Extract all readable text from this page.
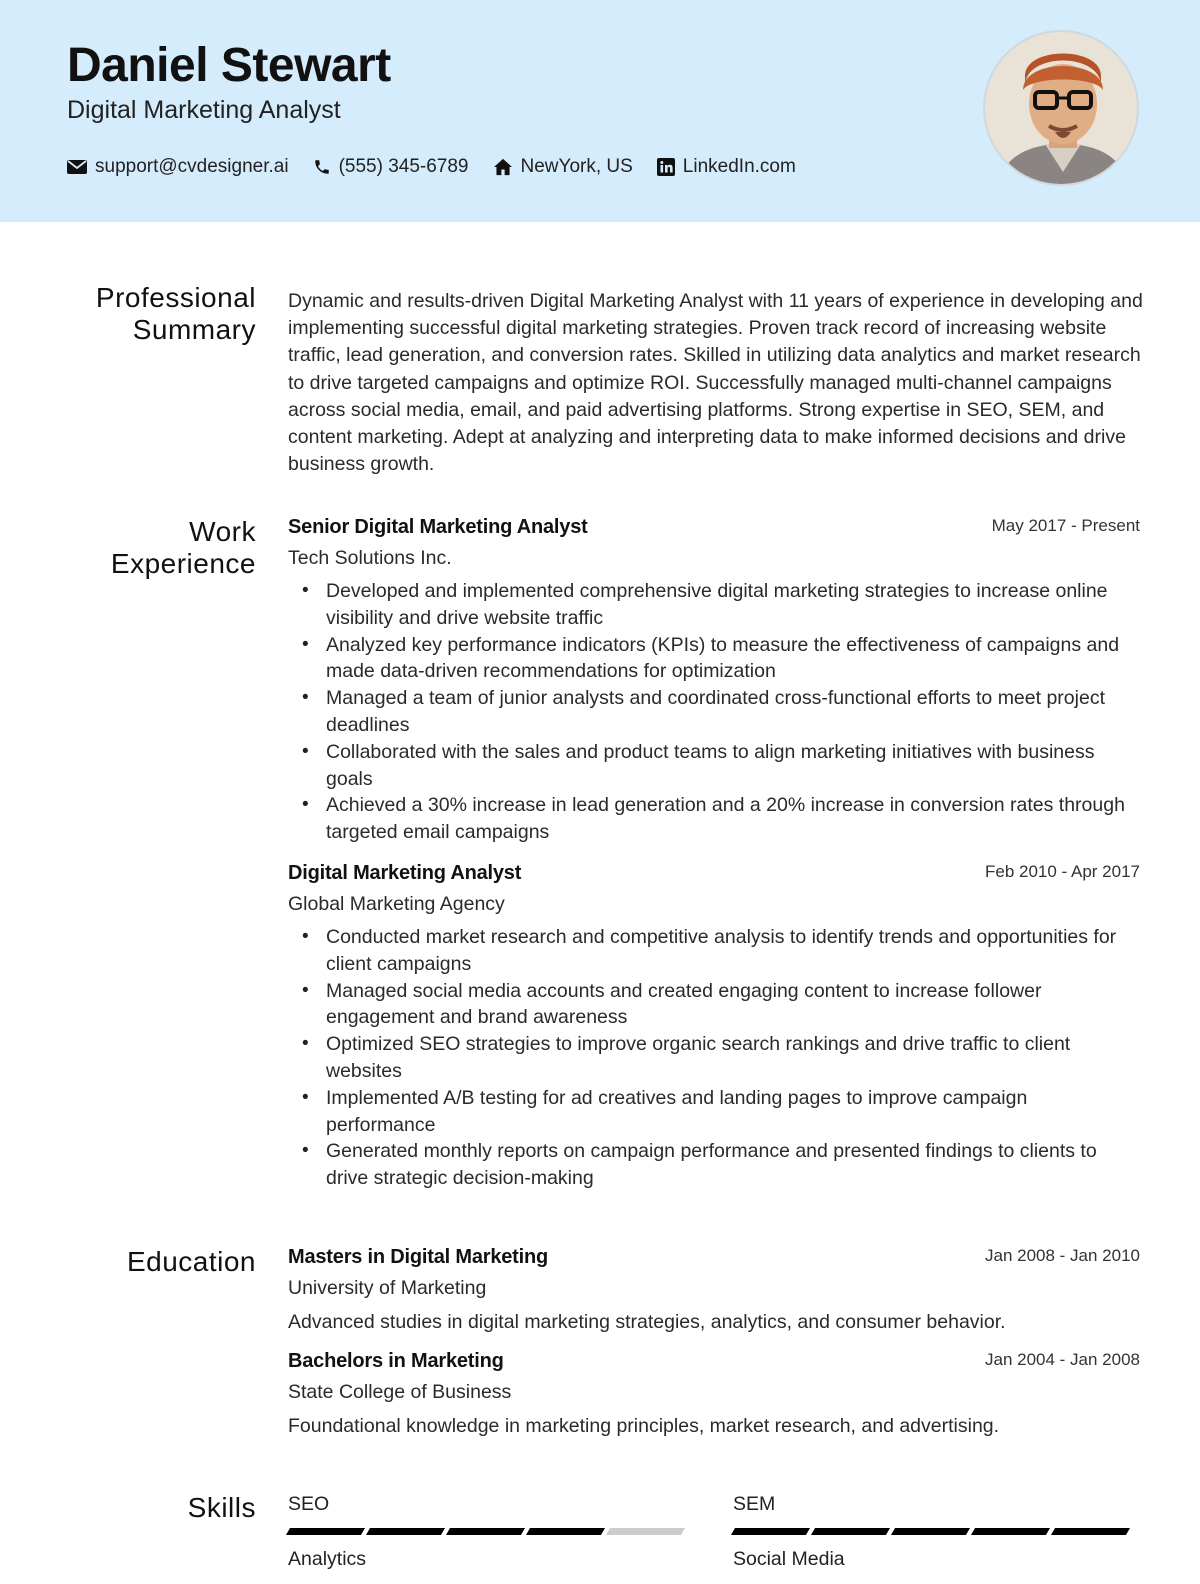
Daniel Stewart
Digital Marketing Analyst
support@cvdesigner.ai	(555) 345-6789	NewYork, US	LinkedIn.com
Professional
Summary
Dynamic and results-driven Digital Marketing Analyst with 11 years of experience in developing and implementing successful digital marketing strategies. Proven track record of increasing website traffic, lead generation, and conversion rates. Skilled in utilizing data analytics and market research to drive targeted campaigns and optimize ROI. Successfully managed multi-channel campaigns across social media, email, and paid advertising platforms. Strong expertise in SEO, SEM, and content marketing. Adept at analyzing and interpreting data to make informed decisions and drive business growth.
Work
Experience
Senior Digital Marketing Analyst	May 2017 - Present
Tech Solutions Inc.
• Developed and implemented comprehensive digital marketing strategies to increase online visibility and drive website traffic
• Analyzed key performance indicators (KPIs) to measure the effectiveness of campaigns and made data-driven recommendations for optimization
• Managed a team of junior analysts and coordinated cross-functional efforts to meet project deadlines
• Collaborated with the sales and product teams to align marketing initiatives with business goals
• Achieved a 30% increase in lead generation and a 20% increase in conversion rates through targeted email campaigns
Digital Marketing Analyst	Feb 2010 - Apr 2017
Global Marketing Agency
• Conducted market research and competitive analysis to identify trends and opportunities for client campaigns
• Managed social media accounts and created engaging content to increase follower engagement and brand awareness
• Optimized SEO strategies to improve organic search rankings and drive traffic to client websites
• Implemented A/B testing for ad creatives and landing pages to improve campaign performance
• Generated monthly reports on campaign performance and presented findings to clients to drive strategic decision-making
Education Masters in Digital Marketing	Jan 2008 - Jan 2010
University of Marketing
Advanced studies in digital marketing strategies, analytics, and consumer behavior.
Bachelors in Marketing	Jan 2004 - Jan 2008
State College of Business
Foundational knowledge in marketing principles, market research, and advertising.
Skills SEO	SEM
Analytics	Social Media
